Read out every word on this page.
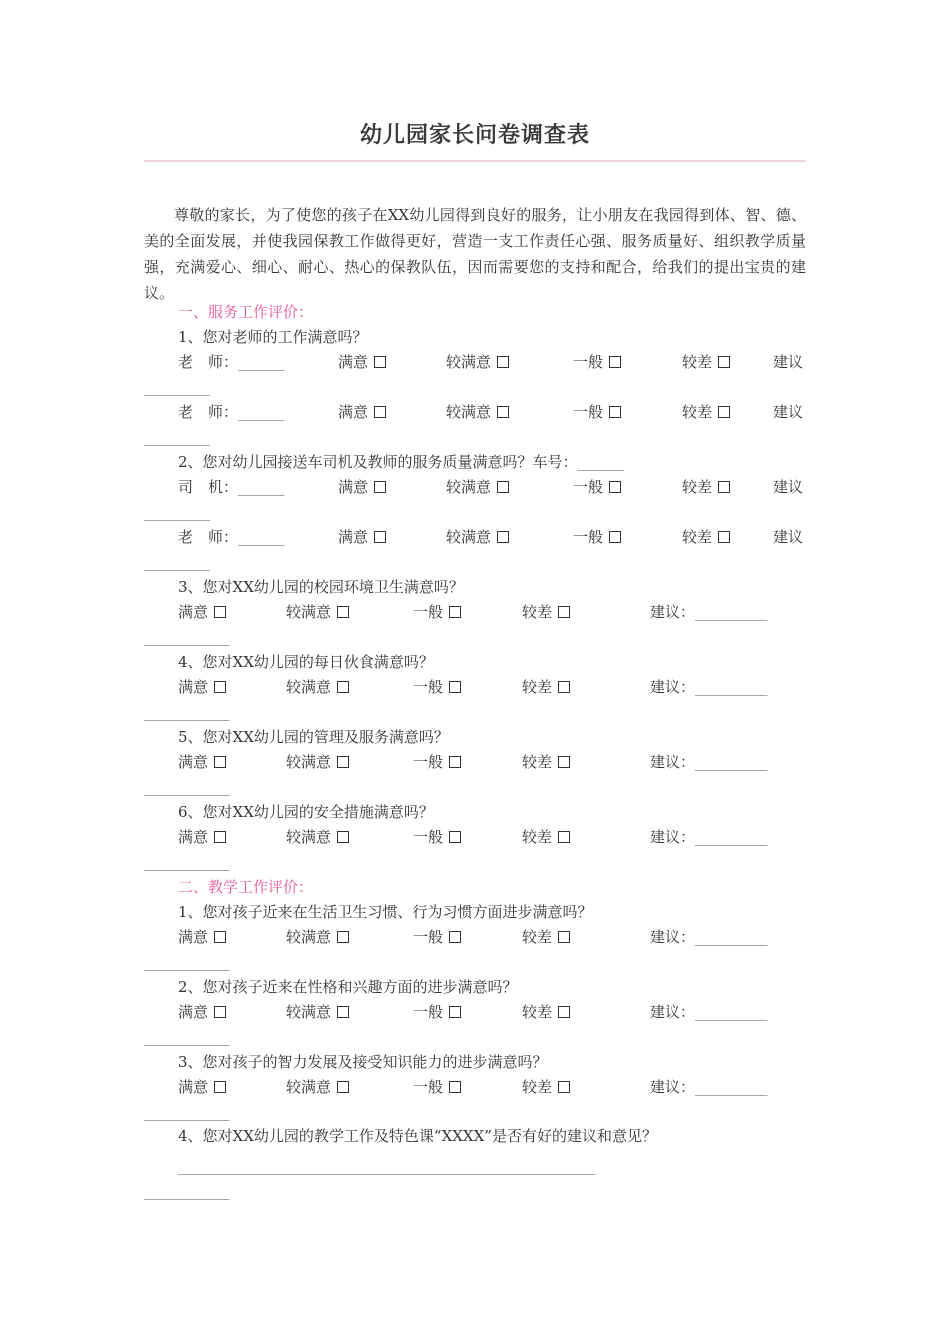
幼儿园家长问卷调查表

尊敬的家长，为了使您的孩子在XX幼儿园得到良好的服务，让小朋友在我园得到体、智、德、美的全面发展，并使我园保教工作做得更好，营造一支工作责任心强、服务质量好、组织教学质量强，充满爱心、细心、耐心、热心的保教队伍，因而需要您的支持和配合，给我们的提出宝贵的建议。

一、服务工作评价：
1、您对老师的工作满意吗？
老　师：_______	满意	较满意	一般	较差	建议
__________
老　师：_______	满意	较满意	一般	较差	建议
__________
2、您对幼儿园接送车司机及教师的服务质量满意吗？车号：_______
司　机：_______	满意	较满意	一般	较差	建议
__________
老　师：_______	满意	较满意	一般	较差	建议
__________
3、您对XX幼儿园的校园环境卫生满意吗？
满意	较满意	一般	较差	建议：___________
_____________
4、您对XX幼儿园的每日伙食满意吗？
满意	较满意	一般	较差	建议：___________
_____________
5、您对XX幼儿园的管理及服务满意吗？
满意	较满意	一般	较差	建议：___________
_____________
6、您对XX幼儿园的安全措施满意吗？
满意	较满意	一般	较差	建议：___________
_____________
二、教学工作评价：
1、您对孩子近来在生活卫生习惯、行为习惯方面进步满意吗？
满意	较满意	一般	较差	建议：___________
_____________
2、您对孩子近来在性格和兴趣方面的进步满意吗？
满意	较满意	一般	较差	建议：___________
_____________
3、您对孩子的智力发展及接受知识能力的进步满意吗？
满意	较满意	一般	较差	建议：___________
_____________
4、您对XX幼儿园的教学工作及特色课“XXXX”是否有好的建议和意见？
________________________________________________________________
_____________
